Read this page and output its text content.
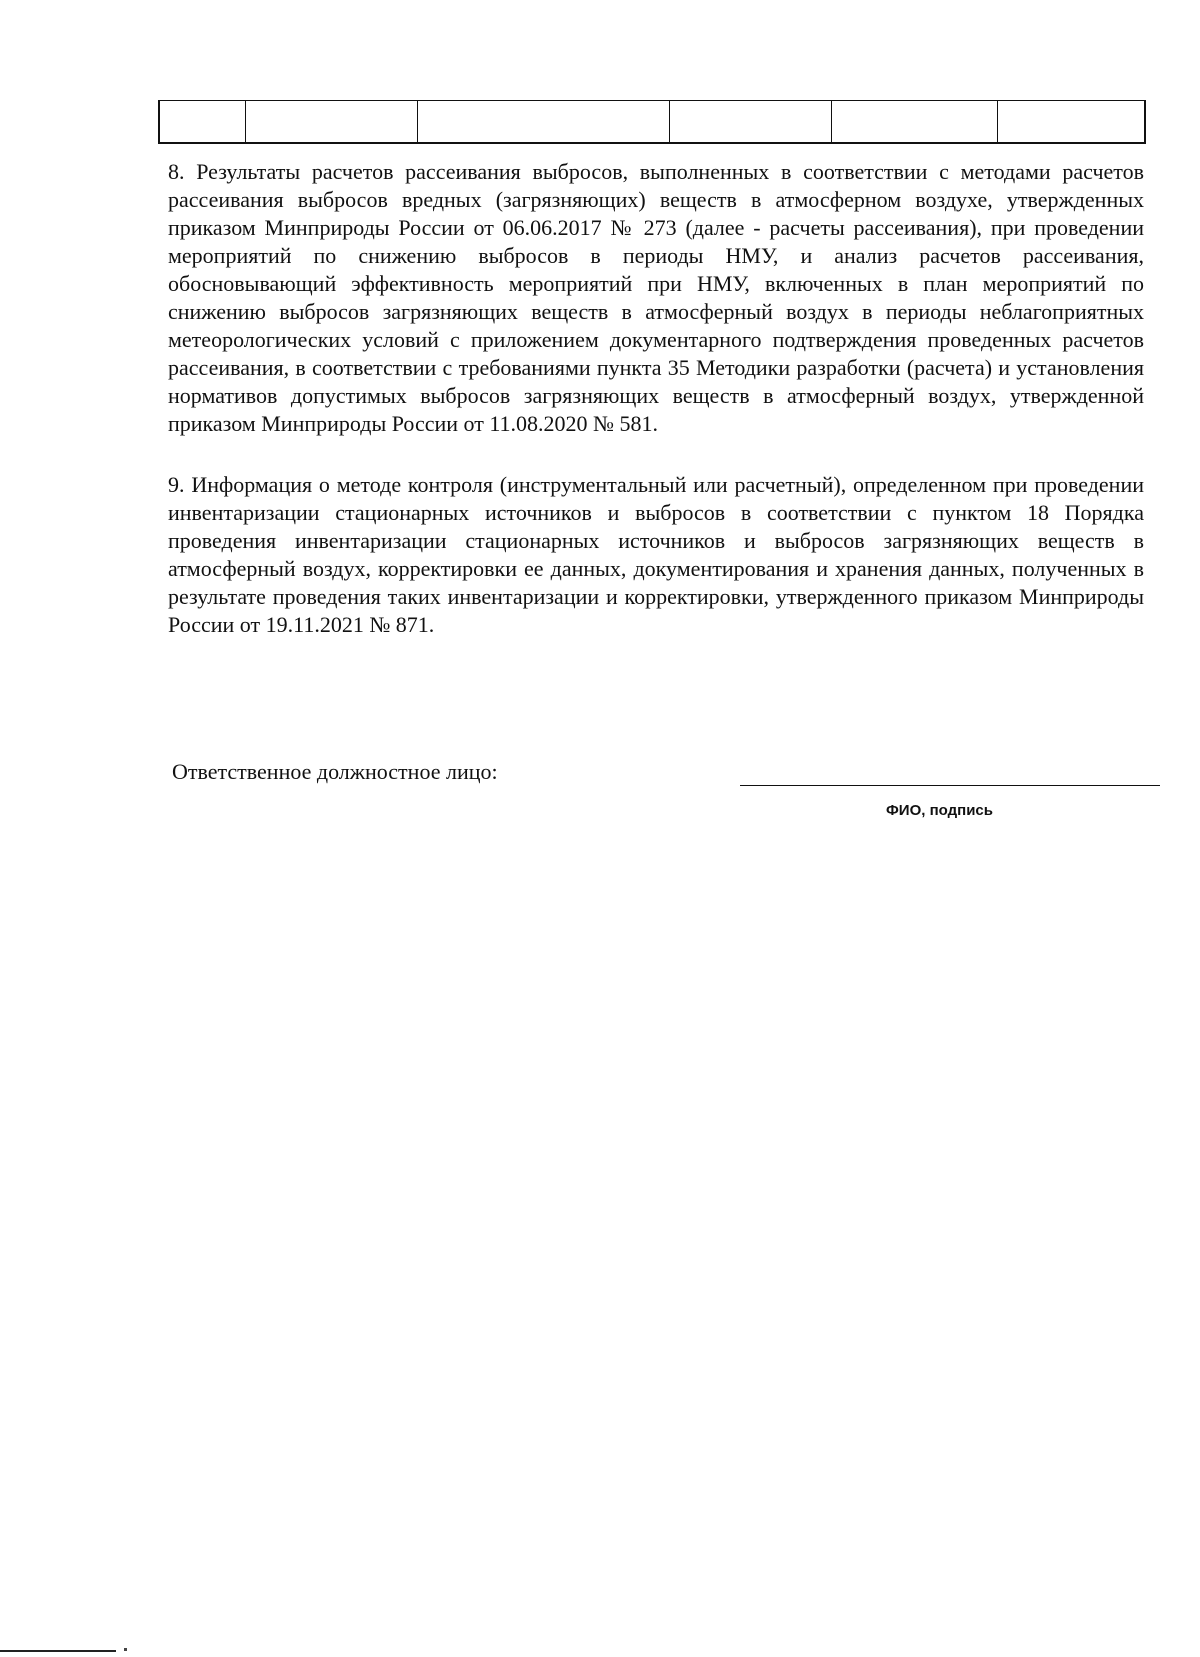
8. Результаты расчетов рассеивания выбросов, выполненных в соответствии с методами расчетов рассеивания выбросов вредных (загрязняющих) веществ в атмосферном воздухе, утвержденных приказом Минприроды России от 06.06.2017 № 273 (далее - расчеты рассеивания), при проведении мероприятий по снижению выбросов в периоды НМУ, и анализ расчетов рассеивания, обосновывающий эффективность мероприятий при НМУ, включенных в план мероприятий по снижению выбросов загрязняющих веществ в атмосферный воздух в периоды неблагоприятных метеорологических условий с приложением документарного подтверждения проведенных расчетов рассеивания, в соответствии с требованиями пункта 35 Методики разработки (расчета) и установления нормативов допустимых выбросов загрязняющих веществ в атмосферный воздух, утвержденной приказом Минприроды России от 11.08.2020 № 581.

9. Информация о методе контроля (инструментальный или расчетный), определенном при проведении инвентаризации стационарных источников и выбросов в соответствии с пунктом 18 Порядка проведения инвентаризации стационарных источников и выбросов загрязняющих веществ в атмосферный воздух, корректировки ее данных, документирования и хранения данных, полученных в результате проведения таких инвентаризации и корректировки, утвержденного приказом Минприроды России от 19.11.2021 № 871.

Ответственное должностное лицо:
ФИО, подпись
